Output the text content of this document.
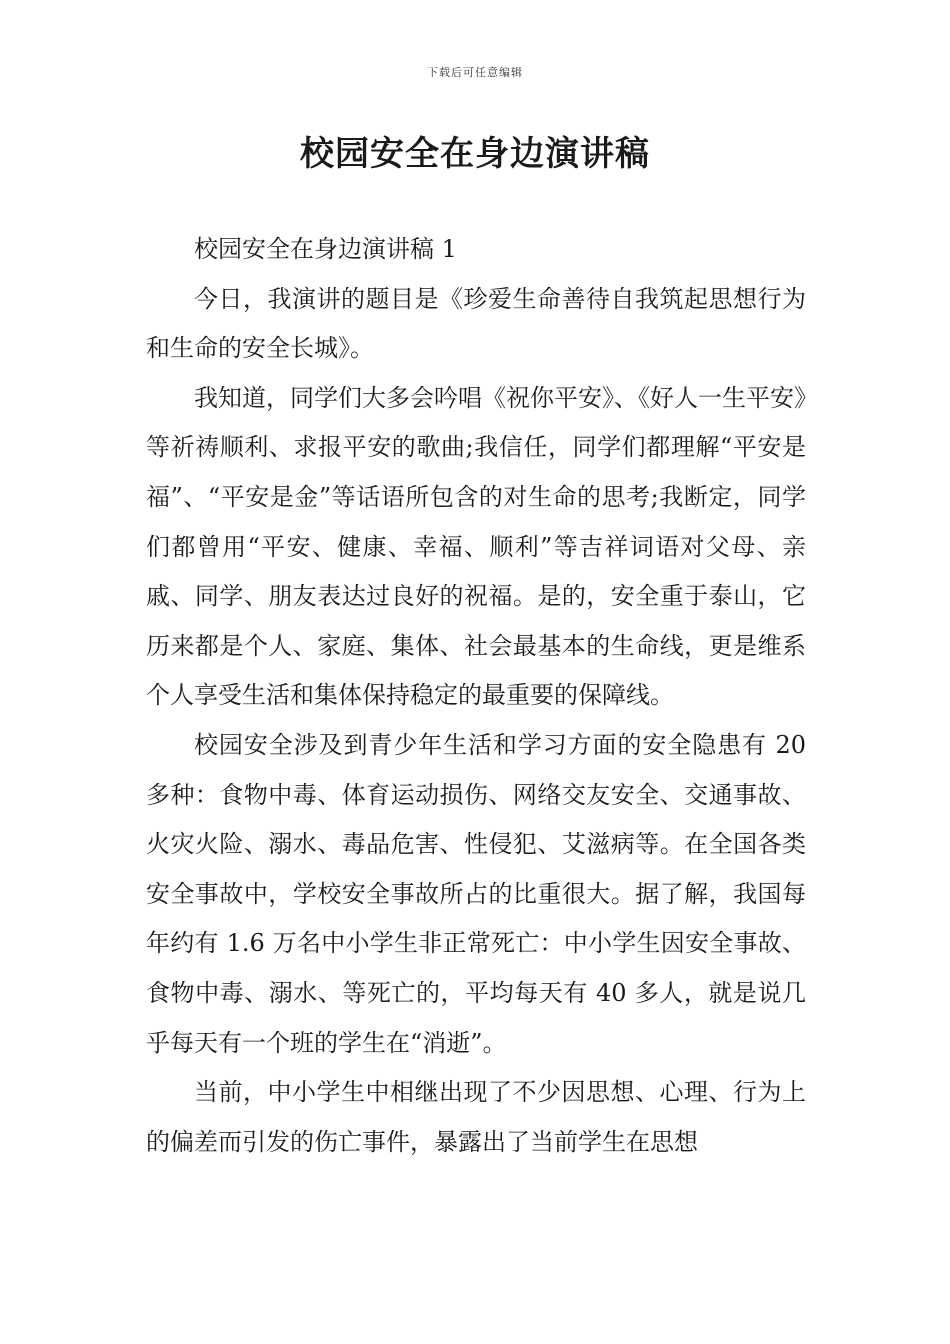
下载后可任意编辑
校园安全在身边演讲稿

校园安全在身边演讲稿 1

今日，我演讲的题目是《珍爱生命善待自我筑起思想行为和生命的安全长城》。

我知道，同学们大多会吟唱《祝你平安》、《好人一生平安》等祈祷顺利、求报平安的歌曲;我信任，同学们都理解“平安是福”、“平安是金”等话语所包含的对生命的思考;我断定，同学们都曾用“平安、健康、幸福、顺利”等吉祥词语对父母、亲戚、同学、朋友表达过良好的祝福。是的，安全重于泰山，它历来都是个人、家庭、集体、社会最基本的生命线，更是维系个人享受生活和集体保持稳定的最重要的保障线。

校园安全涉及到青少年生活和学习方面的安全隐患有 20 多种：食物中毒、体育运动损伤、网络交友安全、交通事故、火灾火险、溺水、毒品危害、性侵犯、艾滋病等。在全国各类安全事故中，学校安全事故所占的比重很大。据了解，我国每年约有 1.6 万名中小学生非正常死亡：中小学生因安全事故、食物中毒、溺水、等死亡的，平均每天有 40 多人，就是说几乎每天有一个班的学生在“消逝”。

当前，中小学生中相继出现了不少因思想、心理、行为上的偏差而引发的伤亡事件，暴露出了当前学生在思想
